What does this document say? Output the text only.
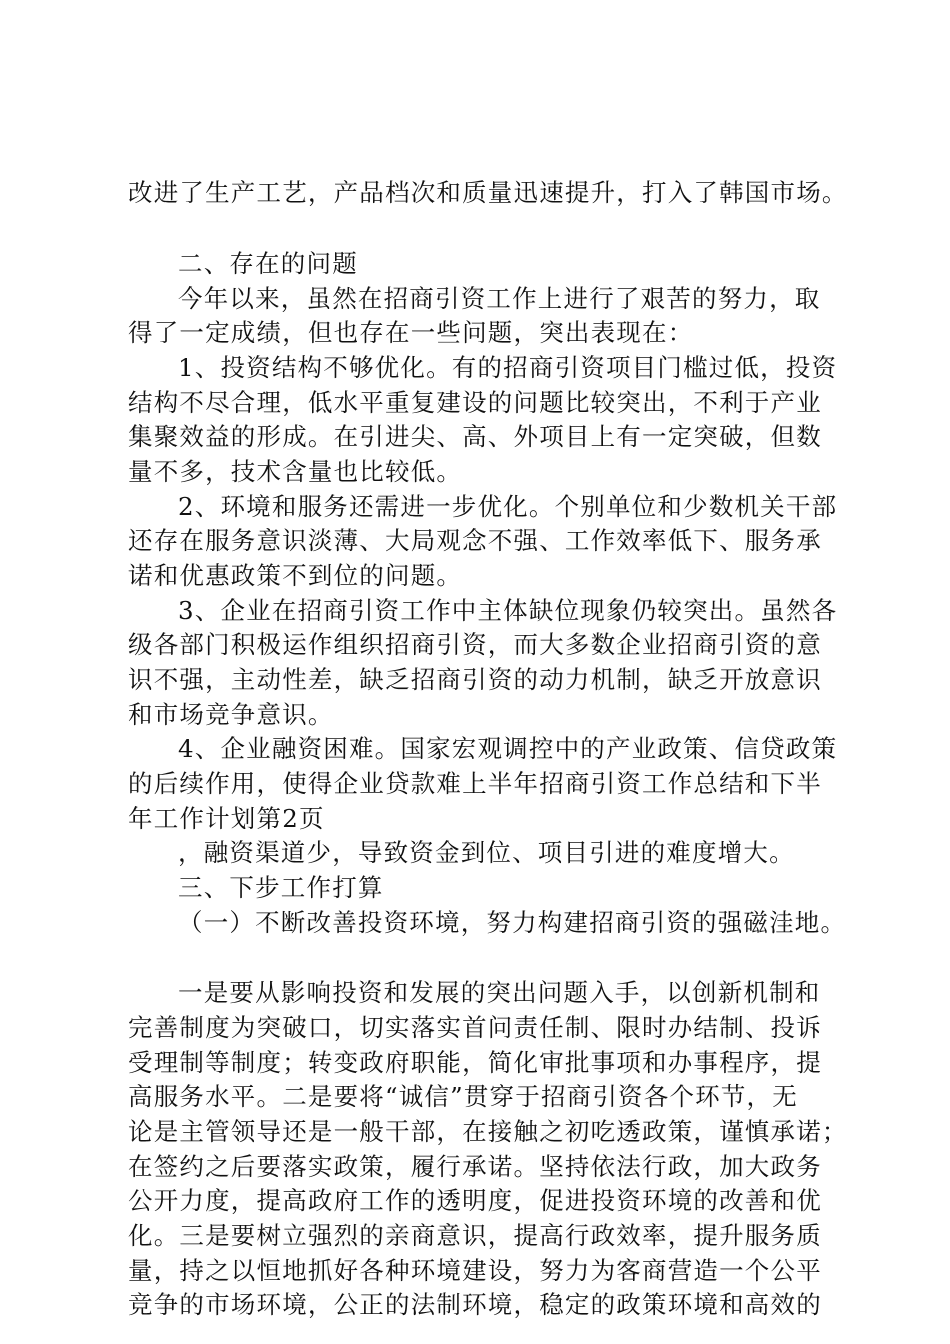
改进了生产工艺，产品档次和质量迅速提升，打入了韩国市场。
二、存在的问题
今年以来，虽然在招商引资工作上进行了艰苦的努力，取
得了一定成绩，但也存在一些问题，突出表现在：
1、投资结构不够优化。有的招商引资项目门槛过低，投资
结构不尽合理，低水平重复建设的问题比较突出，不利于产业
集聚效益的形成。在引进尖、高、外项目上有一定突破，但数
量不多，技术含量也比较低。
2、环境和服务还需进一步优化。个别单位和少数机关干部
还存在服务意识淡薄、大局观念不强、工作效率低下、服务承
诺和优惠政策不到位的问题。
3、企业在招商引资工作中主体缺位现象仍较突出。虽然各
级各部门积极运作组织招商引资，而大多数企业招商引资的意
识不强，主动性差，缺乏招商引资的动力机制，缺乏开放意识
和市场竞争意识。
4、企业融资困难。国家宏观调控中的产业政策、信贷政策
的后续作用，使得企业贷款难上半年招商引资工作总结和下半
年工作计划第2页
，融资渠道少，导致资金到位、项目引进的难度增大。
三、下步工作打算
（一）不断改善投资环境，努力构建招商引资的强磁洼地。
一是要从影响投资和发展的突出问题入手，以创新机制和
完善制度为突破口，切实落实首问责任制、限时办结制、投诉
受理制等制度；转变政府职能，简化审批事项和办事程序，提
高服务水平。二是要将“诚信”贯穿于招商引资各个环节，无
论是主管领导还是一般干部，在接触之初吃透政策，谨慎承诺；
在签约之后要落实政策，履行承诺。坚持依法行政，加大政务
公开力度，提高政府工作的透明度，促进投资环境的改善和优
化。三是要树立强烈的亲商意识，提高行政效率，提升服务质
量，持之以恒地抓好各种环境建设，努力为客商营造一个公平
竞争的市场环境，公正的法制环境，稳定的政策环境和高效的
